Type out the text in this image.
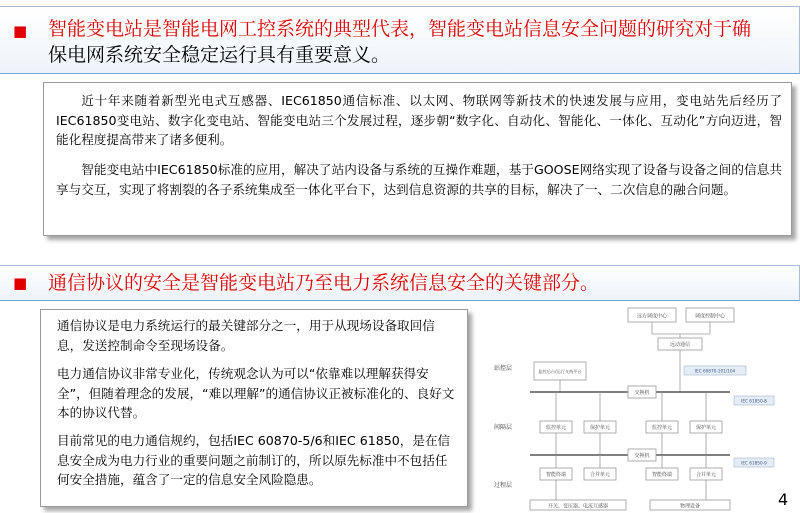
■ 智能变电站是智能电网工控系统的典型代表，智能变电站信息安全问题的研究对于确
保电网系统安全稳定运行具有重要意义。
近十年来随着新型光电式互感器、IEC61850通信标准、以太网、物联网等新技术的快速发展与应用，变电站先后经历了IEC61850变电站、数字化变电站、智能变电站三个发展过程，逐步朝“数字化、自动化、智能化、一体化、互动化”方向迈进，智能化程度提高带来了诸多便利。
智能变电站中IEC61850标准的应用，解决了站内设备与系统的互操作难题，基于GOOSE网络实现了设备与设备之间的信息共享与交互，实现了将割裂的各子系统集成至一体化平台下，达到信息资源的共享的目标，解决了一、二次信息的融合问题。
■ 通信协议的安全是智能变电站乃至电力系统信息安全的关键部分。
通信协议是电力系统运行的最关键部分之一，用于从现场设备取回信息，发送控制命令至现场设备。
电力通信协议非常专业化，传统观念认为可以“依靠难以理解获得安全”，但随着理念的发展，“难以理解”的通信协议正被标准化的、良好文本的协议代替。
目前常见的电力通信规约，包括IEC 60870-5/6和IEC 61850，是在信息安全成为电力行业的重要问题之前制订的，所以原先标准中不包括任何安全措施，蕴含了一定的信息安全风险隐患。
远方调度中心	调度控制中心
远动通信
监控后台/运行支持平台
交换机
交换机
监控单元	保护单元	监控单元	保护单元
智能终端	合并单元	智能终端	合并单元
开关、变压器、电流互感器	物理设备
IEC 60870-101/104
IEC 61850-8
IEC 61850-9
站控层
间隔层
过程层
4
